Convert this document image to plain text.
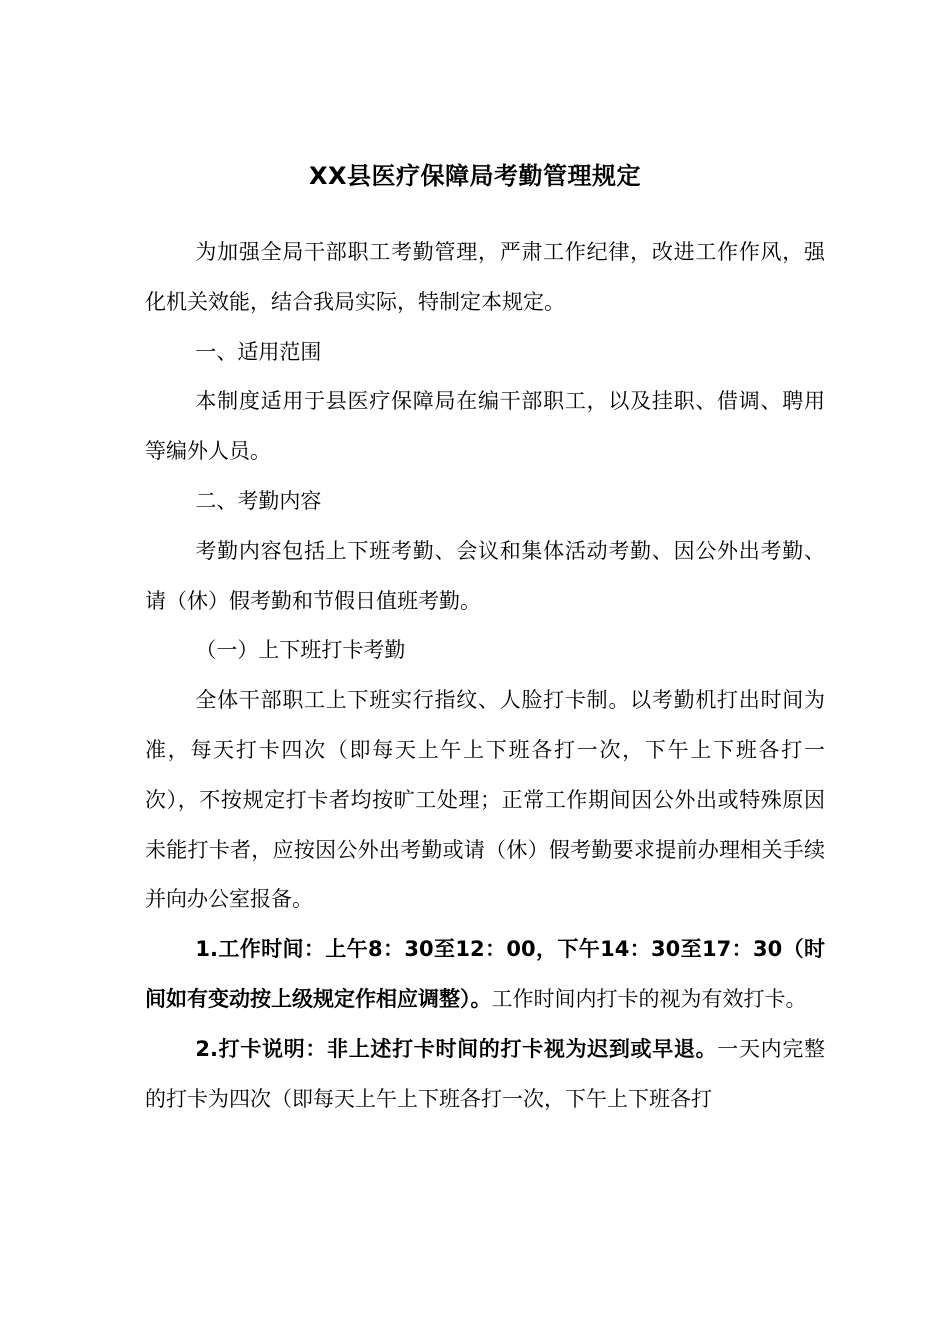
XX县医疗保障局考勤管理规定

为加强全局干部职工考勤管理，严肃工作纪律，改进工作作风，强化机关效能，结合我局实际，特制定本规定。

一、适用范围

本制度适用于县医疗保障局在编干部职工，以及挂职、借调、聘用等编外人员。

二、考勤内容

考勤内容包括上下班考勤、会议和集体活动考勤、因公外出考勤、请（休）假考勤和节假日值班考勤。

（一）上下班打卡考勤

全体干部职工上下班实行指纹、人脸打卡制。以考勤机打出时间为准，每天打卡四次（即每天上午上下班各打一次，下午上下班各打一次），不按规定打卡者均按旷工处理；正常工作期间因公外出或特殊原因未能打卡者，应按因公外出考勤或请（休）假考勤要求提前办理相关手续并向办公室报备。

1.工作时间：上午8：30至12：00，下午14：30至17：30（时间如有变动按上级规定作相应调整）。工作时间内打卡的视为有效打卡。

2.打卡说明：非上述打卡时间的打卡视为迟到或早退。一天内完整的打卡为四次（即每天上午上下班各打一次，下午上下班各打
